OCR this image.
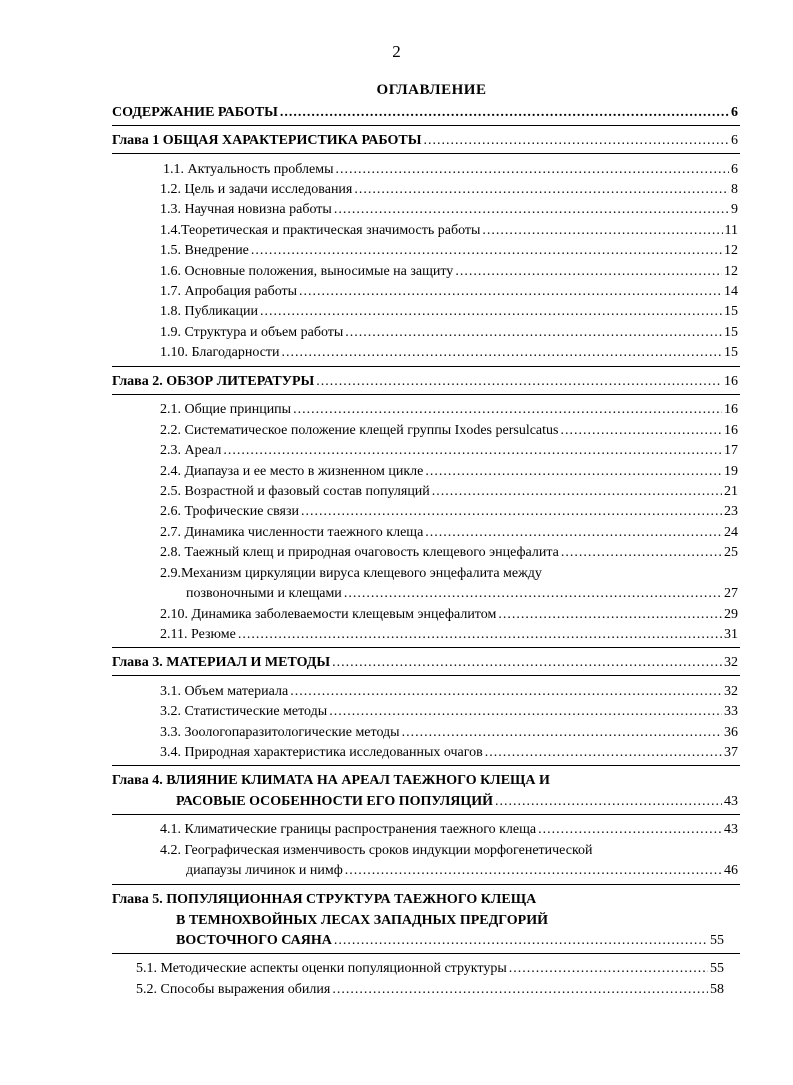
2
ОГЛАВЛЕНИЕ
СОДЕРЖАНИЕ РАБОТЫ .....	6
Глава 1 ОБЩАЯ ХАРАКТЕРИСТИКА РАБОТЫ .....	6
1.1. Актуальность проблемы .....	6
1.2. Цель и задачи исследования .....	8
1.3. Научная новизна работы .....	9
1.4.Теоретическая и практическая значимость работы .....	11
1.5. Внедрение .....	12
1.6. Основные положения, выносимые на защиту .....	12
1.7. Апробация работы .....	14
1.8. Публикации .....	15
1.9. Структура и объем работы .....	15
1.10. Благодарности .....	15
Глава 2. ОБЗОР ЛИТЕРАТУРЫ .....	16
2.1. Общие принципы .....	16
2.2. Систематическое положение клещей группы Ixodes persulcatus .....	16
2.3. Ареал .....	17
2.4. Диапауза и ее место в жизненном цикле .....	19
2.5. Возрастной и фазовый состав популяций .....	21
2.6. Трофические связи .....	23
2.7. Динамика численности таежного клеща .....	24
2.8. Таежный клещ и природная очаговость клещевого энцефалита .....	25
2.9.Механизм циркуляции вируса клещевого энцефалита между
позвоночными и клещами .....	27
2.10. Динамика заболеваемости клещевым энцефалитом .....	29
2.11. Резюме .....	31
Глава 3. МАТЕРИАЛ И МЕТОДЫ .....	32
3.1. Объем материала .....	32
3.2. Статистические методы .....	33
3.3. Зоологопаразитологические методы .....	36
3.4. Природная характеристика исследованных очагов .....	37
Глава 4. ВЛИЯНИЕ КЛИМАТА НА АРЕАЛ ТАЕЖНОГО КЛЕЩА И
РАСОВЫЕ ОСОБЕННОСТИ ЕГО ПОПУЛЯЦИЙ .....	43
4.1. Климатические границы распространения таежного клеща .....	43
4.2. Географическая изменчивость сроков индукции морфогенетической
диапаузы личинок и нимф .....	46
Глава 5. ПОПУЛЯЦИОННАЯ СТРУКТУРА ТАЕЖНОГО КЛЕЩА
В ТЕМНОХВОЙНЫХ ЛЕСАХ ЗАПАДНЫХ ПРЕДГОРИЙ
ВОСТОЧНОГО САЯНА .....	55
5.1. Методические аспекты оценки популяционной структуры .....	55
5.2. Способы выражения обилия .....	58
